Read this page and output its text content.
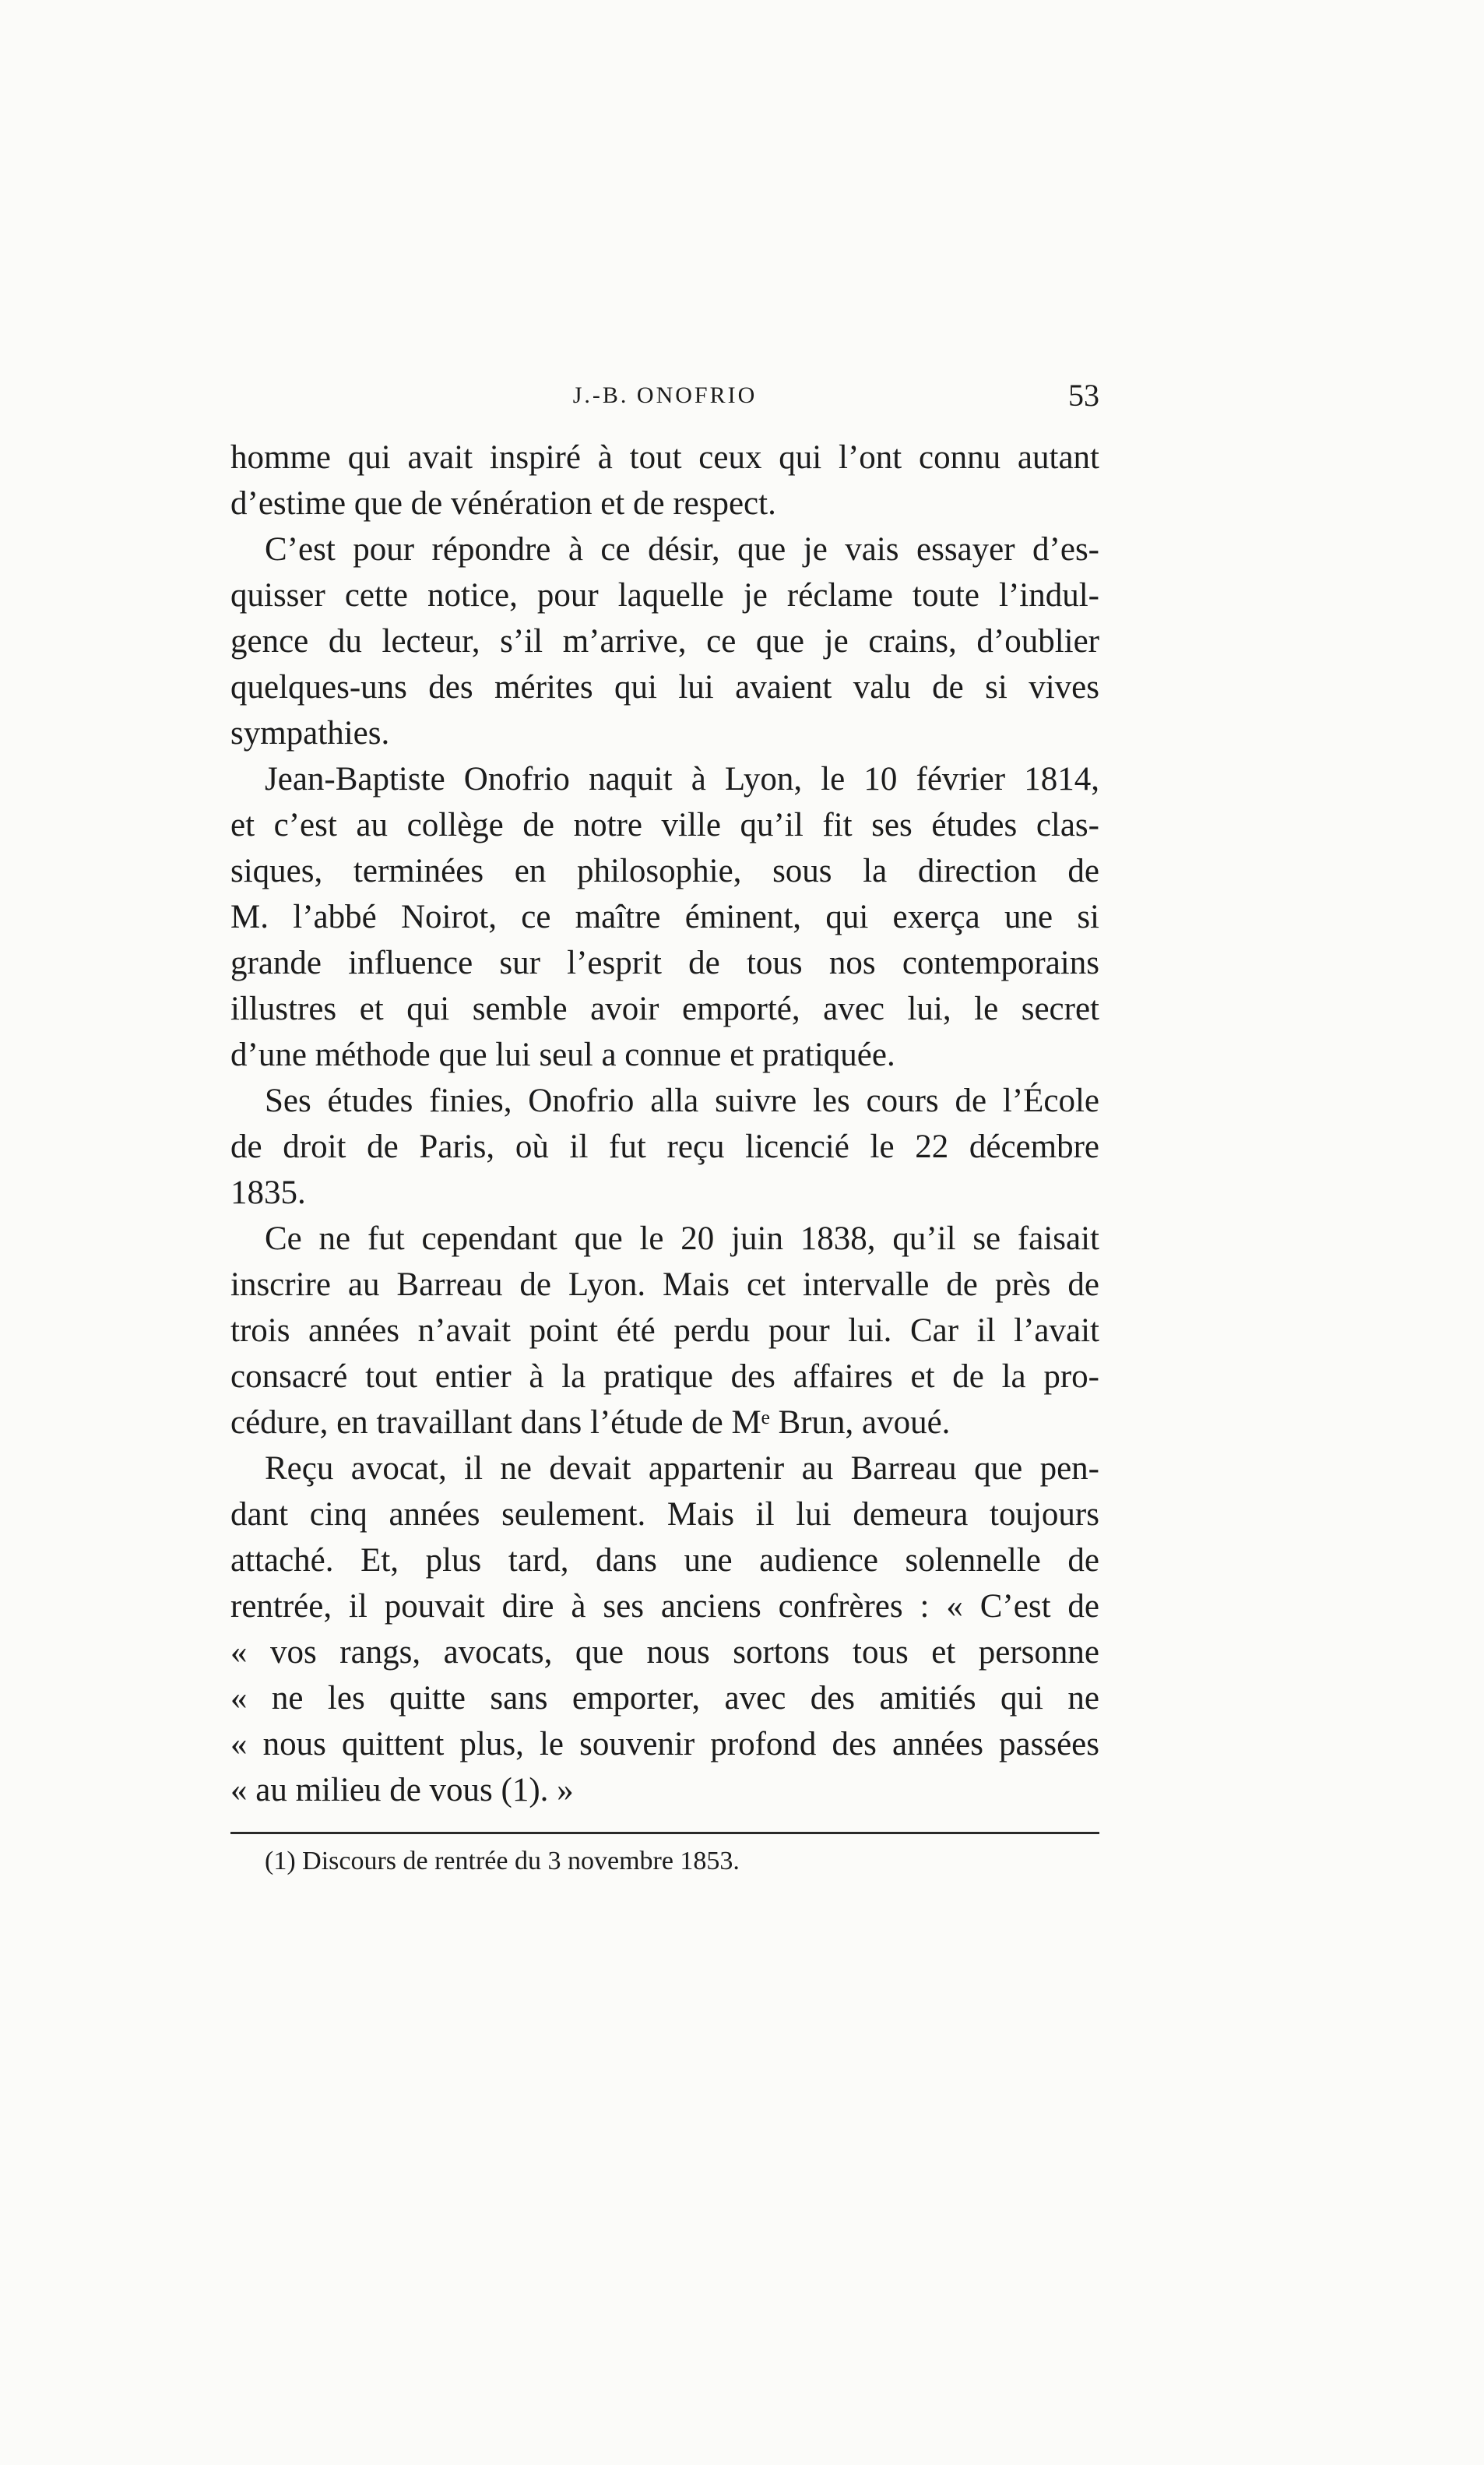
J.-B. ONOFRIO	53
homme qui avait inspiré à tout ceux qui l’ont connu autant
d’estime que de vénération et de respect.
C’est pour répondre à ce désir, que je vais essayer d’es-
quisser cette notice, pour laquelle je réclame toute l’indul-
gence du lecteur, s’il m’arrive, ce que je crains, d’oublier
quelques-uns des mérites qui lui avaient valu de si vives
sympathies.
Jean-Baptiste Onofrio naquit à Lyon, le 10 février 1814,
et c’est au collège de notre ville qu’il fit ses études clas-
siques, terminées en philosophie, sous la direction de
M. l’abbé Noirot, ce maître éminent, qui exerça une si
grande influence sur l’esprit de tous nos contemporains
illustres et qui semble avoir emporté, avec lui, le secret
d’une méthode que lui seul a connue et pratiquée.
Ses études finies, Onofrio alla suivre les cours de l’École
de droit de Paris, où il fut reçu licencié le 22 décembre
1835.
Ce ne fut cependant que le 20 juin 1838, qu’il se faisait
inscrire au Barreau de Lyon. Mais cet intervalle de près de
trois années n’avait point été perdu pour lui. Car il l’avait
consacré tout entier à la pratique des affaires et de la pro-
cédure, en travaillant dans l’étude de Mᵉ Brun, avoué.
Reçu avocat, il ne devait appartenir au Barreau que pen-
dant cinq années seulement. Mais il lui demeura toujours
attaché. Et, plus tard, dans une audience solennelle de
rentrée, il pouvait dire à ses anciens confrères : « C’est de
« vos rangs, avocats, que nous sortons tous et personne
« ne les quitte sans emporter, avec des amitiés qui ne
« nous quittent plus, le souvenir profond des années passées
« au milieu de vous (1). »
(1) Discours de rentrée du 3 novembre 1853.
